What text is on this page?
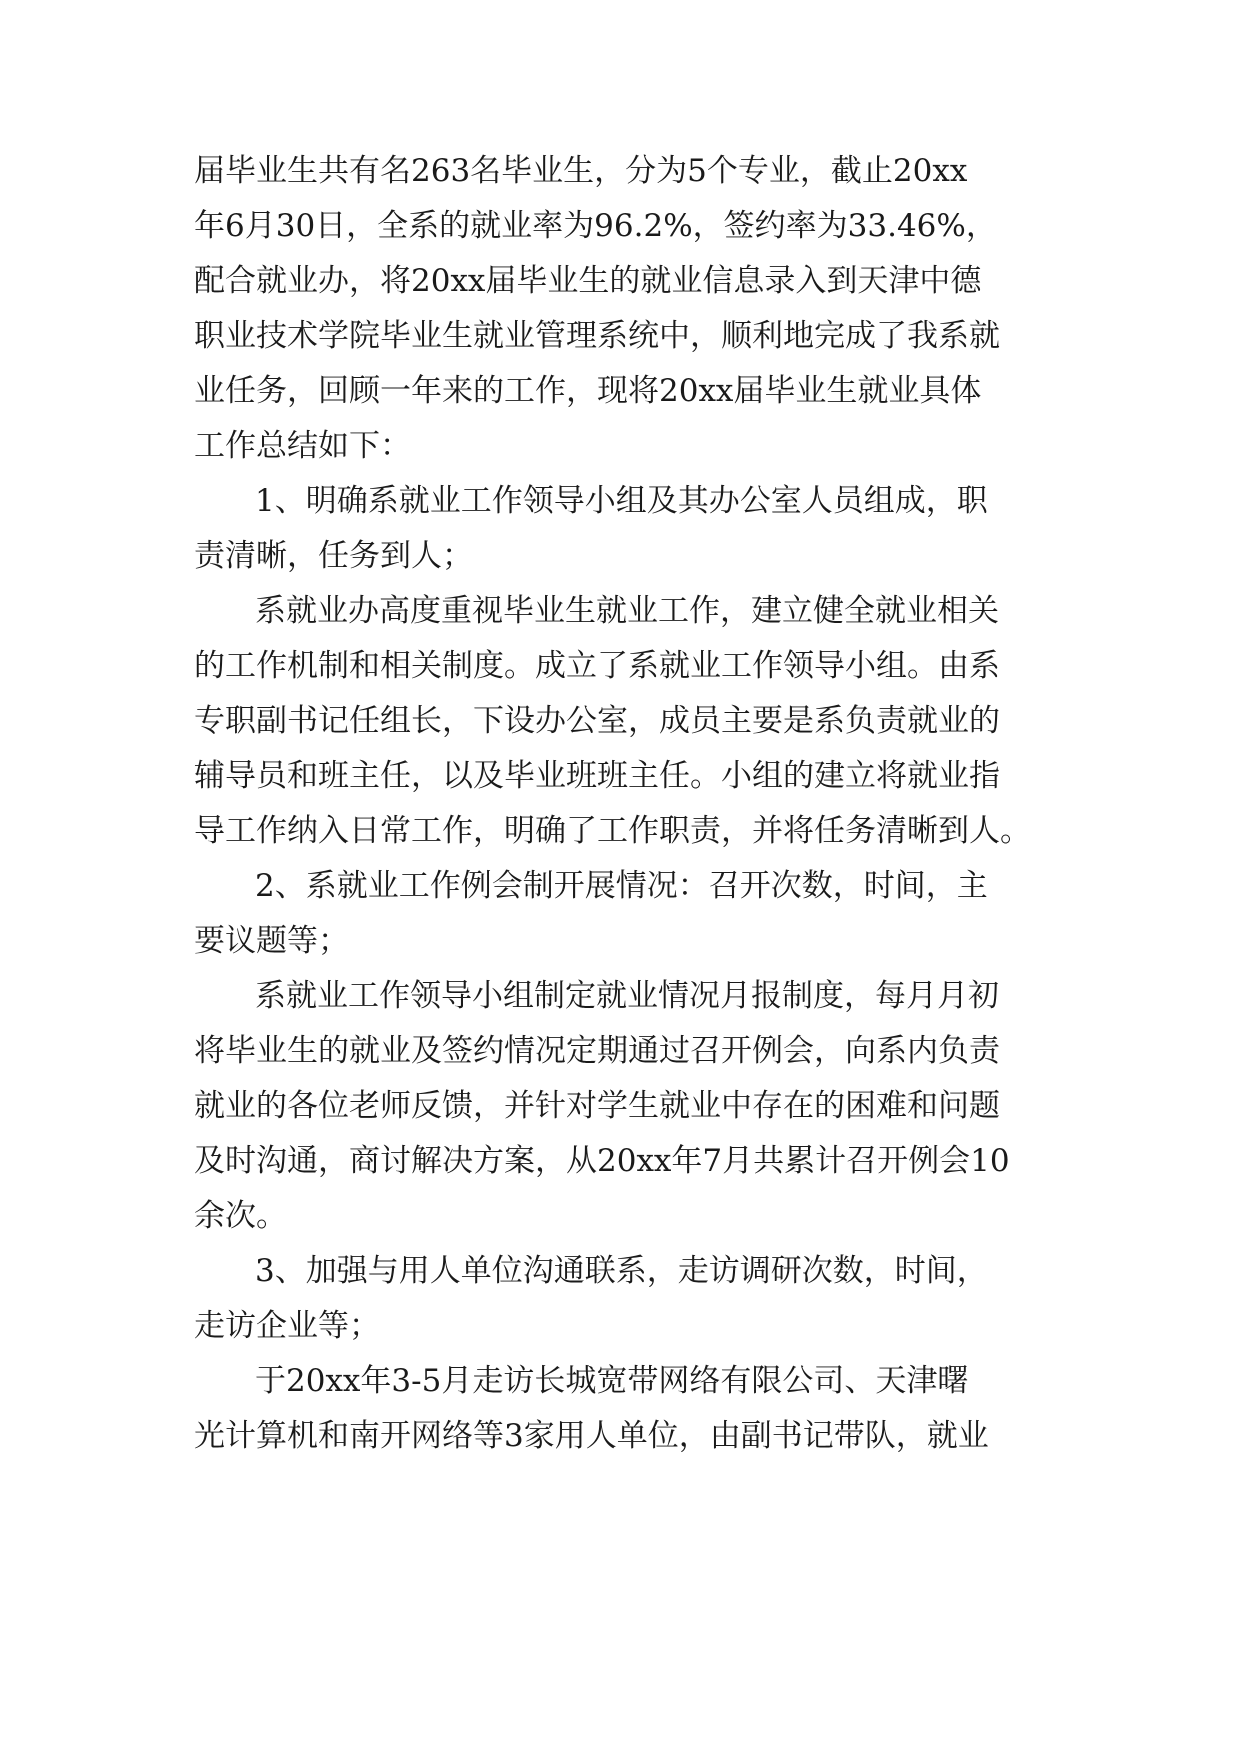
届毕业生共有名263名毕业生，分为5个专业，截止20xx
年6月30日，全系的就业率为96.2%，签约率为33.46%，
配合就业办，将20xx届毕业生的就业信息录入到天津中德
职业技术学院毕业生就业管理系统中，顺利地完成了我系就
业任务，回顾一年来的工作，现将20xx届毕业生就业具体
工作总结如下：
1、明确系就业工作领导小组及其办公室人员组成，职
责清晰，任务到人；
系就业办高度重视毕业生就业工作，建立健全就业相关
的工作机制和相关制度。成立了系就业工作领导小组。由系
专职副书记任组长，下设办公室，成员主要是系负责就业的
辅导员和班主任，以及毕业班班主任。小组的建立将就业指
导工作纳入日常工作，明确了工作职责，并将任务清晰到人。
2、系就业工作例会制开展情况：召开次数，时间，主
要议题等；
系就业工作领导小组制定就业情况月报制度，每月月初
将毕业生的就业及签约情况定期通过召开例会，向系内负责
就业的各位老师反馈，并针对学生就业中存在的困难和问题
及时沟通，商讨解决方案，从20xx年7月共累计召开例会10
余次。
3、加强与用人单位沟通联系，走访调研次数，时间，
走访企业等；
于20xx年3-5月走访长城宽带网络有限公司、天津曙
光计算机和南开网络等3家用人单位，由副书记带队，就业
